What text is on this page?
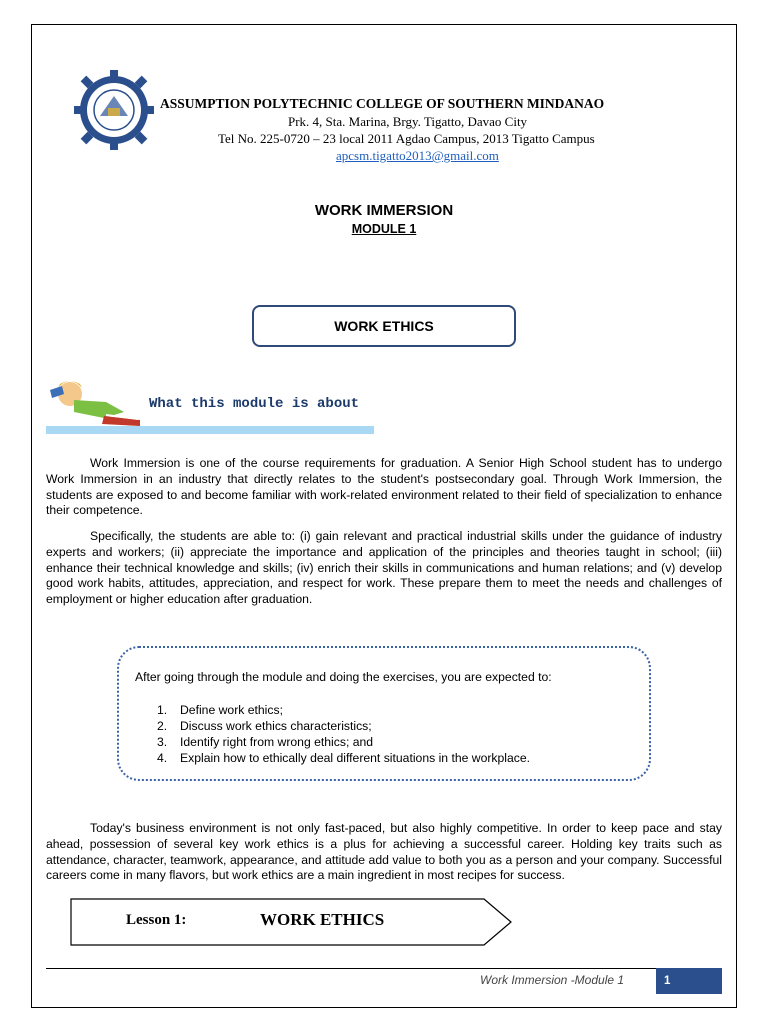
ASSUMPTION POLYTECHNIC COLLEGE OF SOUTHERN MINDANAO
Prk. 4, Sta. Marina, Brgy. Tigatto, Davao City
Tel No. 225-0720 – 23 local 2011 Agdao Campus, 2013 Tigatto Campus
apcsm.tigatto2013@gmail.com
WORK IMMERSION
MODULE 1
WORK ETHICS
What this module is about

Work Immersion is one of the course requirements for graduation. A Senior High School student has to undergo Work Immersion in an industry that directly relates to the student's postsecondary goal. Through Work Immersion, the students are exposed to and become familiar with work-related environment related to their field of specialization to enhance their competence.

Specifically, the students are able to: (i) gain relevant and practical industrial skills under the guidance of industry experts and workers; (ii) appreciate the importance and application of the principles and theories taught in school; (iii) enhance their technical knowledge and skills; (iv) enrich their skills in communications and human relations; and (v) develop good work habits, attitudes, appreciation, and respect for work. These prepare them to meet the needs and challenges of employment or higher education after graduation.

After going through the module and doing the exercises, you are expected to:
1. Define work ethics;
2. Discuss work ethics characteristics;
3. Identify right from wrong ethics; and
4. Explain how to ethically deal different situations in the workplace.

Today's business environment is not only fast-paced, but also highly competitive. In order to keep pace and stay ahead, possession of several key work ethics is a plus for achieving a successful career. Holding key traits such as attendance, character, teamwork, appearance, and attitude add value to both you as a person and your company. Successful careers come in many flavors, but work ethics are a main ingredient in most recipes for success.

Lesson 1:	WORK ETHICS
Work Immersion -Module 1	1
